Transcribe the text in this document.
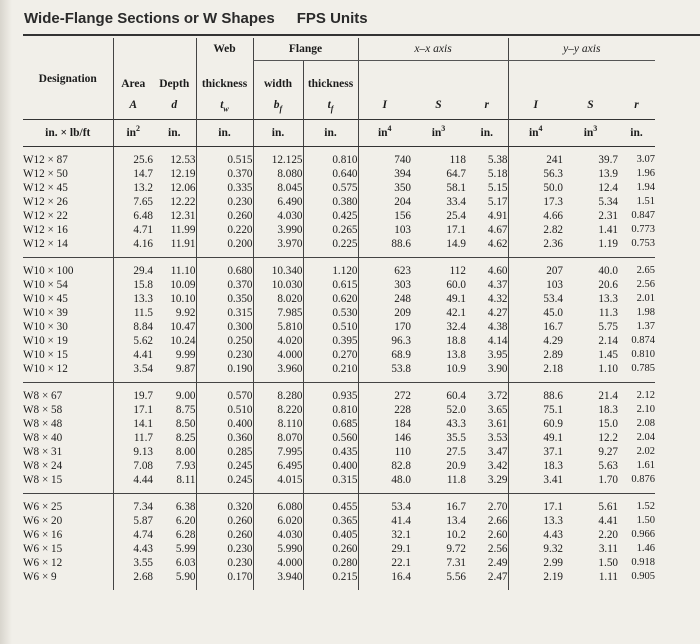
Wide-Flange Sections or W Shapes FPS Units
Designation	Area	Depth	Web	Flange		x–x axis			y–y axis		
			thickness	width	thickness						
	A	d	$t_w$	$b_f$	$t_f$	I	S	r	I	S	r
in. × lb/ft	$in^2$	in.	in.	in.	in.	$in^4$	$in^3$	in.	$in^4$	$in^3$	in.
W12 × 87	25.6	12.53	0.515	12.125	0.810	740	118	5.38	241	39.7	3.07
W12 × 50	14.7	12.19	0.370	8.080	0.640	394	64.7	5.18	56.3	13.9	1.96
W12 × 45	13.2	12.06	0.335	8.045	0.575	350	58.1	5.15	50.0	12.4	1.94
W12 × 26	7.65	12.22	0.230	6.490	0.380	204	33.4	5.17	17.3	5.34	1.51
W12 × 22	6.48	12.31	0.260	4.030	0.425	156	25.4	4.91	4.66	2.31	0.847
W12 × 16	4.71	11.99	0.220	3.990	0.265	103	17.1	4.67	2.82	1.41	0.773
W12 × 14	4.16	11.91	0.200	3.970	0.225	88.6	14.9	4.62	2.36	1.19	0.753
W10 × 100	29.4	11.10	0.680	10.340	1.120	623	112	4.60	207	40.0	2.65
W10 × 54	15.8	10.09	0.370	10.030	0.615	303	60.0	4.37	103	20.6	2.56
W10 × 45	13.3	10.10	0.350	8.020	0.620	248	49.1	4.32	53.4	13.3	2.01
W10 × 39	11.5	9.92	0.315	7.985	0.530	209	42.1	4.27	45.0	11.3	1.98
W10 × 30	8.84	10.47	0.300	5.810	0.510	170	32.4	4.38	16.7	5.75	1.37
W10 × 19	5.62	10.24	0.250	4.020	0.395	96.3	18.8	4.14	4.29	2.14	0.874
W10 × 15	4.41	9.99	0.230	4.000	0.270	68.9	13.8	3.95	2.89	1.45	0.810
W10 × 12	3.54	9.87	0.190	3.960	0.210	53.8	10.9	3.90	2.18	1.10	0.785
W8 × 67	19.7	9.00	0.570	8.280	0.935	272	60.4	3.72	88.6	21.4	2.12
W8 × 58	17.1	8.75	0.510	8.220	0.810	228	52.0	3.65	75.1	18.3	2.10
W8 × 48	14.1	8.50	0.400	8.110	0.685	184	43.3	3.61	60.9	15.0	2.08
W8 × 40	11.7	8.25	0.360	8.070	0.560	146	35.5	3.53	49.1	12.2	2.04
W8 × 31	9.13	8.00	0.285	7.995	0.435	110	27.5	3.47	37.1	9.27	2.02
W8 × 24	7.08	7.93	0.245	6.495	0.400	82.8	20.9	3.42	18.3	5.63	1.61
W8 × 15	4.44	8.11	0.245	4.015	0.315	48.0	11.8	3.29	3.41	1.70	0.876
W6 × 25	7.34	6.38	0.320	6.080	0.455	53.4	16.7	2.70	17.1	5.61	1.52
W6 × 20	5.87	6.20	0.260	6.020	0.365	41.4	13.4	2.66	13.3	4.41	1.50
W6 × 16	4.74	6.28	0.260	4.030	0.405	32.1	10.2	2.60	4.43	2.20	0.966
W6 × 15	4.43	5.99	0.230	5.990	0.260	29.1	9.72	2.56	9.32	3.11	1.46
W6 × 12	3.55	6.03	0.230	4.000	0.280	22.1	7.31	2.49	2.99	1.50	0.918
W6 × 9	2.68	5.90	0.170	3.940	0.215	16.4	5.56	2.47	2.19	1.11	0.905
